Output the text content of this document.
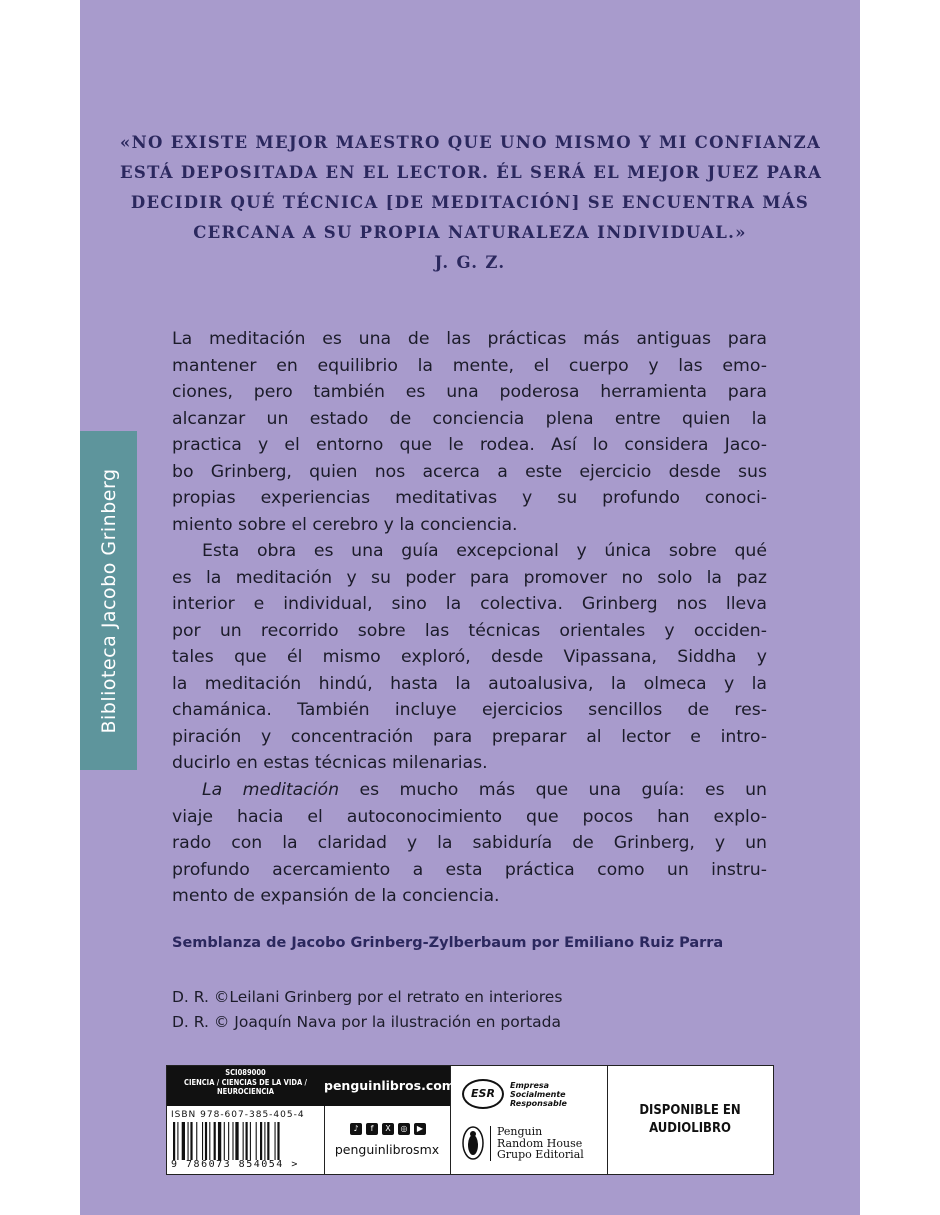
Biblioteca Jacobo Grinberg

«NO EXISTE MEJOR MAESTRO QUE UNO MISMO Y MI CONFIANZA

ESTÁ DEPOSITADA EN EL LECTOR. ÉL SERÁ EL MEJOR JUEZ PARA

DECIDIR QUÉ TÉCNICA [DE MEDITACIÓN] SE ENCUENTRA MÁS

CERCANA A SU PROPIA NATURALEZA INDIVIDUAL.»

J. G. Z.

La meditación es una de las prácticas más antiguas para
mantener en equilibrio la mente, el cuerpo y las emo-
ciones, pero también es una poderosa herramienta para
alcanzar un estado de conciencia plena entre quien la
practica y el entorno que le rodea. Así lo considera Jaco-
bo Grinberg, quien nos acerca a este ejercicio desde sus
propias experiencias meditativas y su profundo conoci-
miento sobre el cerebro y la conciencia.
Esta obra es una guía excepcional y única sobre qué
es la meditación y su poder para promover no solo la paz
interior e individual, sino la colectiva. Grinberg nos lleva
por un recorrido sobre las técnicas orientales y occiden-
tales que él mismo exploró, desde Vipassana, Siddha y
la meditación hindú, hasta la autoalusiva, la olmeca y la
chamánica. También incluye ejercicios sencillos de res-
piración y concentración para preparar al lector e intro-
ducirlo en estas técnicas milenarias.
La meditación es mucho más que una guía: es un
viaje hacia el autoconocimiento que pocos han explo-
rado con la claridad y la sabiduría de Grinberg, y un
profundo acercamiento a esta práctica como un instru-
mento de expansión de la conciencia.
Semblanza de Jacobo Grinberg-Zylberbaum por Emiliano Ruiz Parra
D. R. ©Leilani Grinberg por el retrato en interiores
D. R. © Joaquín Nava por la ilustración en portada
SCI089000
CIENCIA / CIENCIAS DE LA VIDA /
NEUROCIENCIA
ISBN 978-607-385-405-4
9 786073 854054 >
penguinlibros.com
♪	f	X	◎	▶
penguinlibrosmx
ESR
Empresa
Socialmente
Responsable
Penguin
Random House
Grupo Editorial
DISPONIBLE EN
AUDIOLIBRO
